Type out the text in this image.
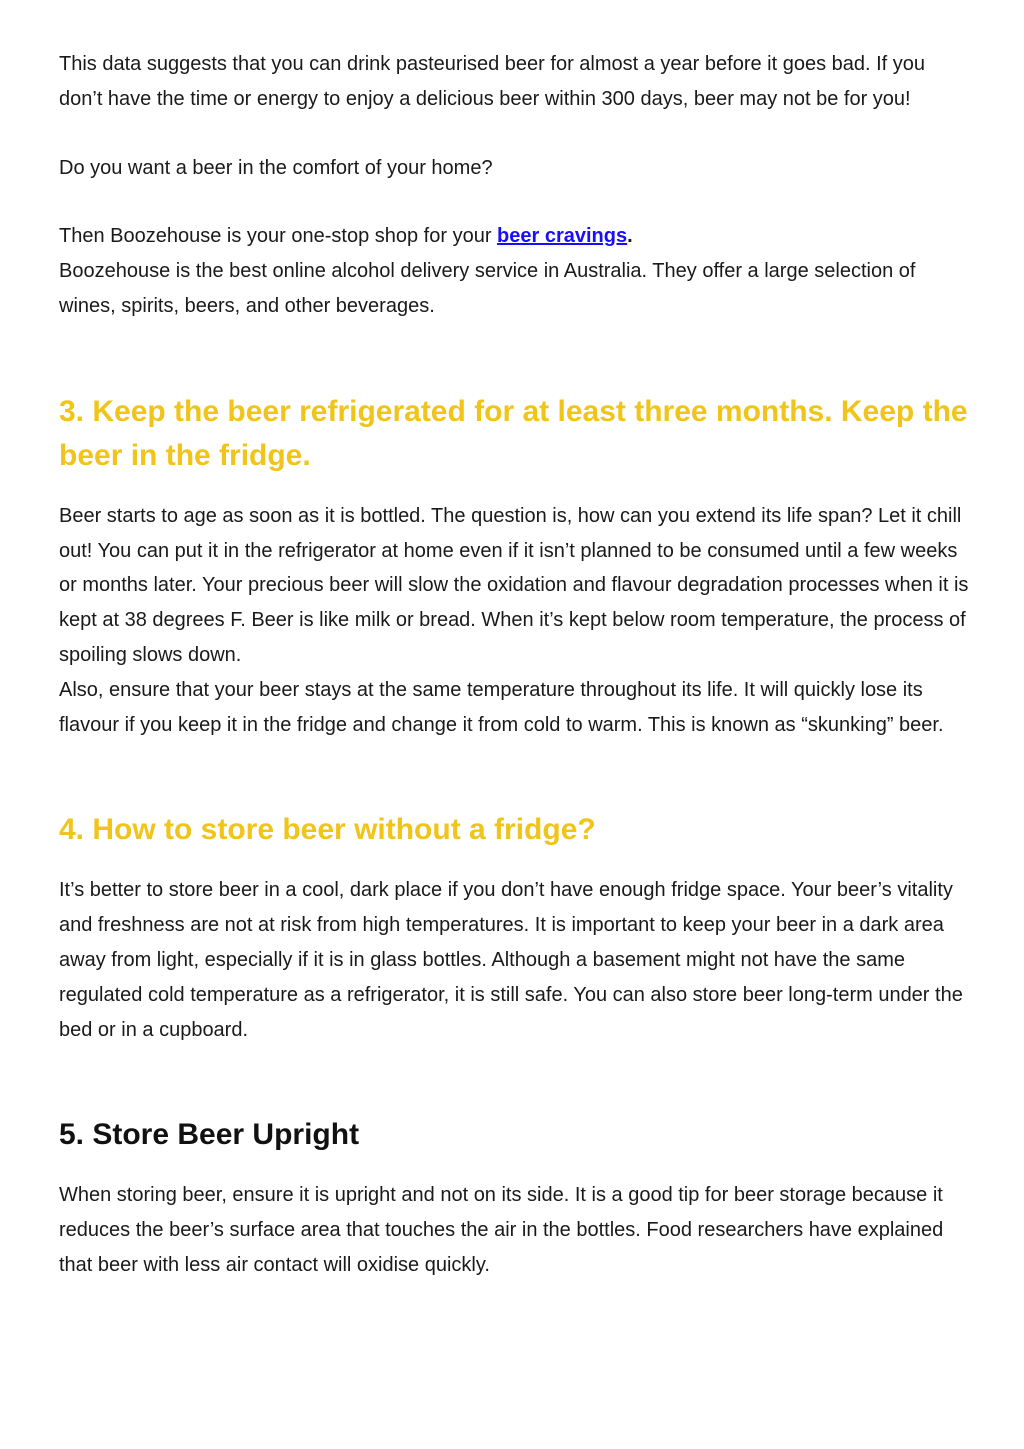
This data suggests that you can drink pasteurised beer for almost a year before it goes bad. If you don’t have the time or energy to enjoy a delicious beer within 300 days, beer may not be for you!

Do you want a beer in the comfort of your home?

Then Boozehouse is your one-stop shop for your beer cravings.

Boozehouse is the best online alcohol delivery service in Australia. They offer a large selection of wines, spirits, beers, and other beverages.

3. Keep the beer refrigerated for at least three months. Keep the beer in the fridge.

Beer starts to age as soon as it is bottled. The question is, how can you extend its life span? Let it chill out! You can put it in the refrigerator at home even if it isn’t planned to be consumed until a few weeks or months later. Your precious beer will slow the oxidation and flavour degradation processes when it is kept at 38 degrees F. Beer is like milk or bread. When it’s kept below room temperature, the process of spoiling slows down.

Also, ensure that your beer stays at the same temperature throughout its life. It will quickly lose its flavour if you keep it in the fridge and change it from cold to warm. This is known as “skunking” beer.

4. How to store beer without a fridge?

It’s better to store beer in a cool, dark place if you don’t have enough fridge space. Your beer’s vitality and freshness are not at risk from high temperatures. It is important to keep your beer in a dark area away from light, especially if it is in glass bottles. Although a basement might not have the same regulated cold temperature as a refrigerator, it is still safe. You can also store beer long-term under the bed or in a cupboard.

5. Store Beer Upright

When storing beer, ensure it is upright and not on its side. It is a good tip for beer storage because it reduces the beer’s surface area that touches the air in the bottles. Food researchers have explained that beer with less air contact will oxidise quickly.
